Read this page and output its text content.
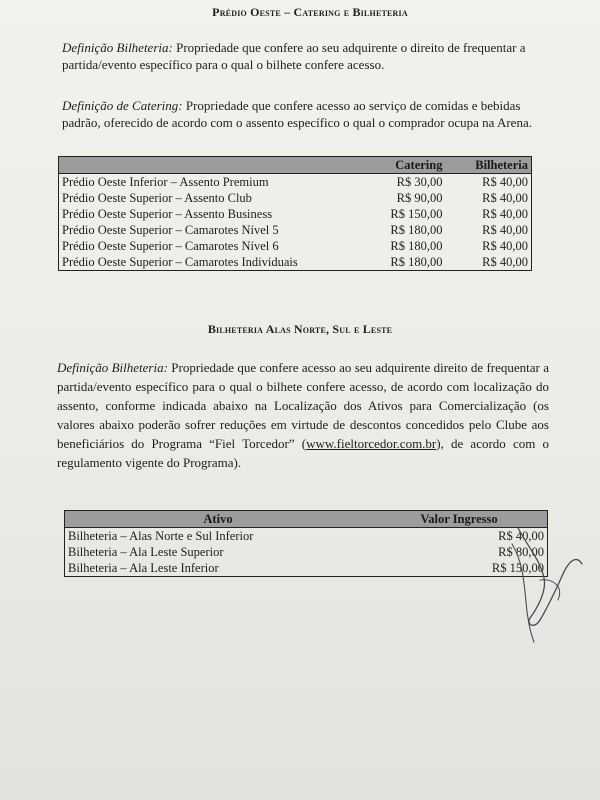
Prédio Oeste – Catering e Bilheteria
Definição Bilheteria: Propriedade que confere ao seu adquirente o direito de frequentar a partida/evento específico para o qual o bilhete confere acesso.
Definição de Catering: Propriedade que confere acesso ao serviço de comidas e bebidas padrão, oferecido de acordo com o assento específico o qual o comprador ocupa na Arena.
	Catering	Bilheteria
Prédio Oeste Inferior – Assento Premium	R$ 30,00	R$ 40,00
Prédio Oeste Superior – Assento Club	R$ 90,00	R$ 40,00
Prédio Oeste Superior – Assento Business	R$ 150,00	R$ 40,00
Prédio Oeste Superior – Camarotes Nível 5	R$ 180,00	R$ 40,00
Prédio Oeste Superior – Camarotes Nível 6	R$ 180,00	R$ 40,00
Prédio Oeste Superior – Camarotes Individuais	R$ 180,00	R$ 40,00
Bilheteria Alas Norte, Sul e Leste
Definição Bilheteria: Propriedade que confere acesso ao seu adquirente direito de frequentar a partida/evento específico para o qual o bilhete confere acesso, de acordo com localização do assento, conforme indicada abaixo na Localização dos Ativos para Comercialização (os valores abaixo poderão sofrer reduções em virtude de descontos concedidos pelo Clube aos beneficiários do Programa “Fiel Torcedor” (www.fieltorcedor.com.br), de acordo com o regulamento vigente do Programa).
Ativo	Valor Ingresso
Bilheteria – Alas Norte e Sul Inferior	R$ 40,00
Bilheteria – Ala Leste Superior	R$ 80,00
Bilheteria – Ala Leste Inferior	R$ 150,00
